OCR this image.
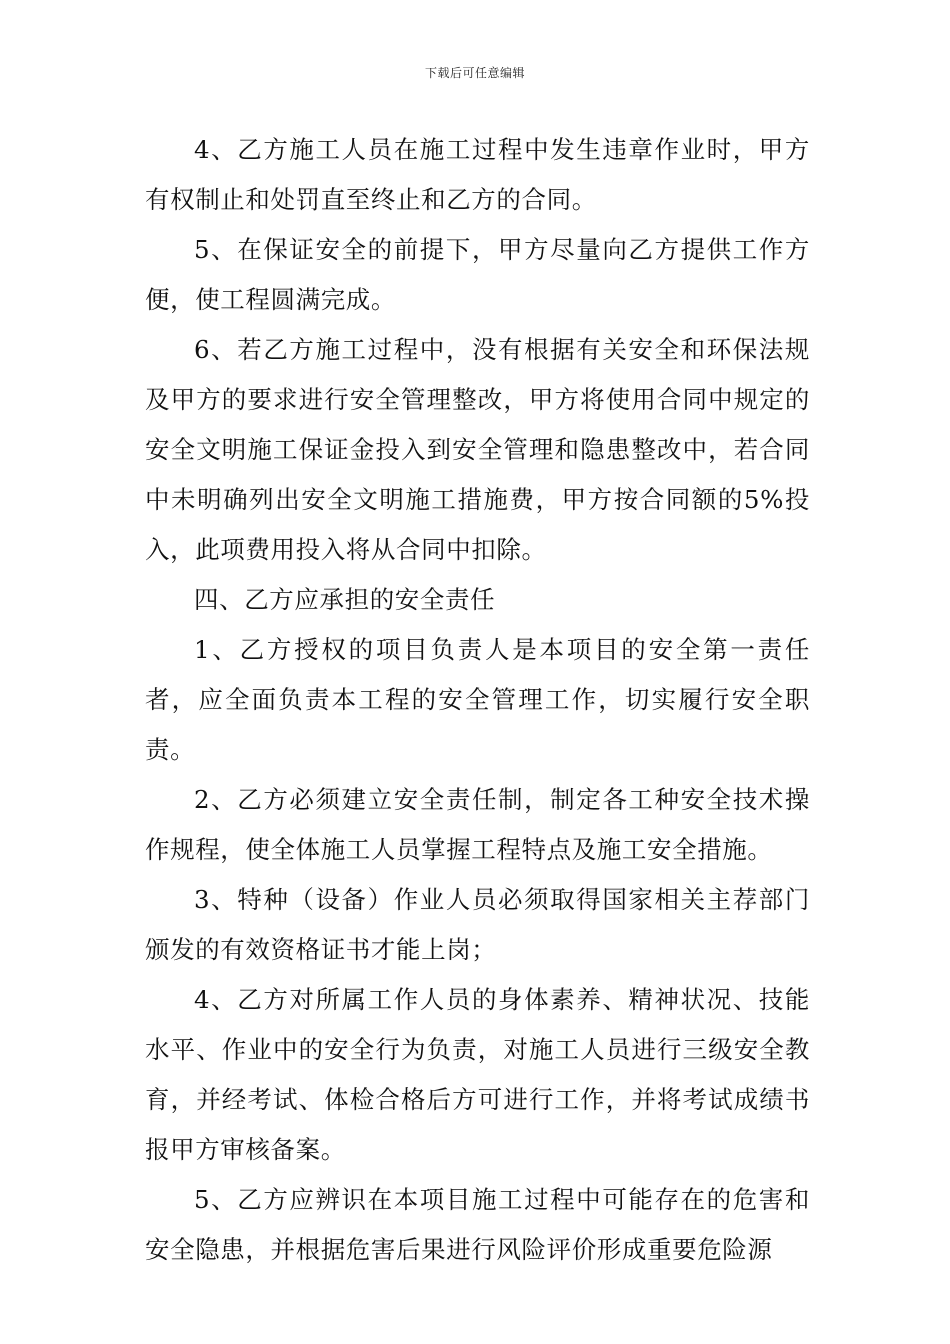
下载后可任意编辑

4、乙方施工人员在施工过程中发生违章作业时，甲方有权制止和处罚直至终止和乙方的合同。

5、在保证安全的前提下，甲方尽量向乙方提供工作方便，使工程圆满完成。

6、若乙方施工过程中，没有根据有关安全和环保法规及甲方的要求进行安全管理整改，甲方将使用合同中规定的安全文明施工保证金投入到安全管理和隐患整改中，若合同中未明确列出安全文明施工措施费，甲方按合同额的5%投入，此项费用投入将从合同中扣除。

四、乙方应承担的安全责任

1、乙方授权的项目负责人是本项目的安全第一责任者，应全面负责本工程的安全管理工作，切实履行安全职责。

2、乙方必须建立安全责任制，制定各工种安全技术操作规程，使全体施工人员掌握工程特点及施工安全措施。

3、特种（设备）作业人员必须取得国家相关主荐部门颁发的有效资格证书才能上岗；

4、乙方对所属工作人员的身体素养、精神状况、技能水平、作业中的安全行为负责，对施工人员进行三级安全教育，并经考试、体检合格后方可进行工作，并将考试成绩书报甲方审核备案。

5、乙方应辨识在本项目施工过程中可能存在的危害和安全隐患，并根据危害后果进行风险评价形成重要危险源
